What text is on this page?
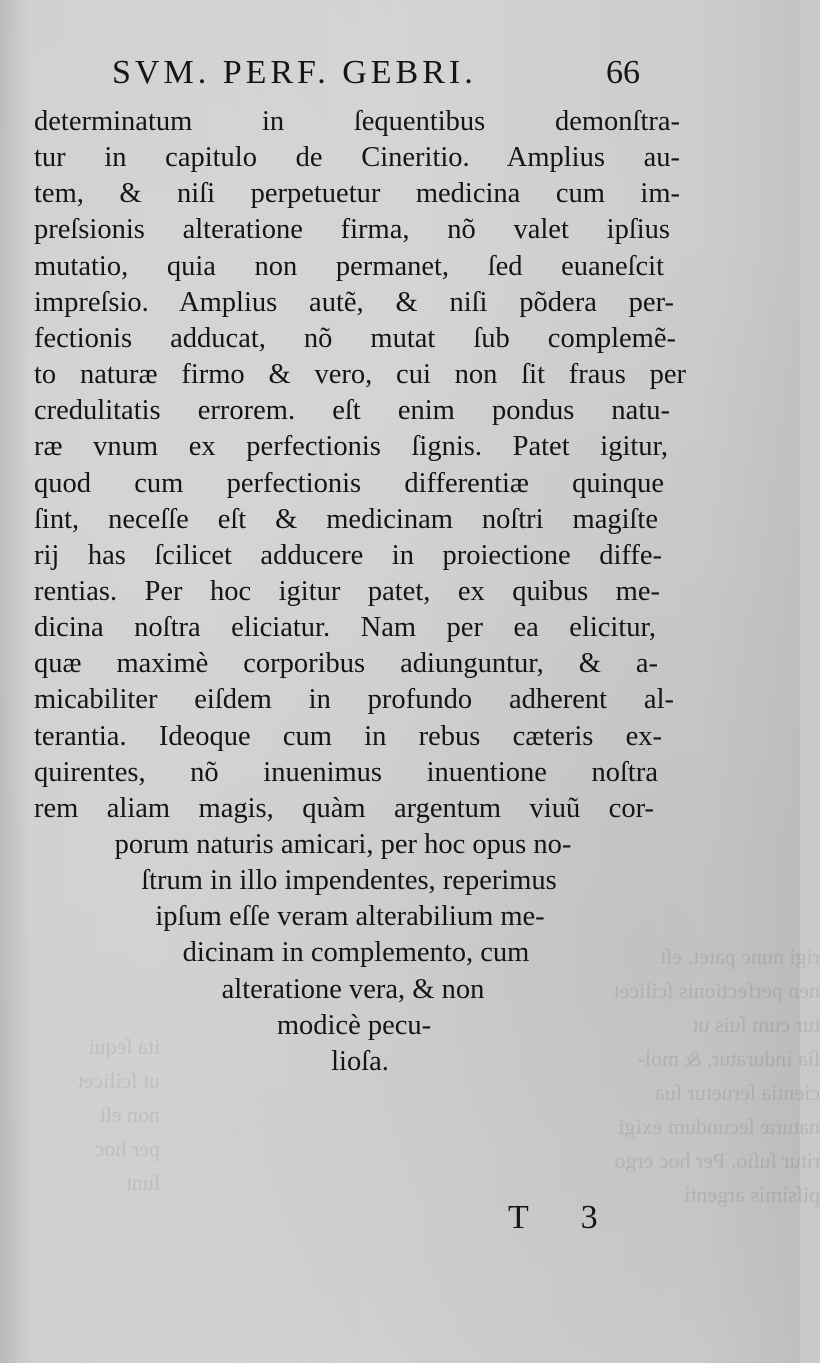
rigi nunc patet. eſt
nen perfectionis ſcilicet
tur cum ſuis ut
ſia induratur, & mol-
cientia ſeruetur ſua
naturæ ſecundum exigi
ritur ſuſio. Per hoc ergo
piſsimis argenti
ita ſequi
ut ſcilicet
non eſt
per hoc
ſunt
SVM. PERF. GEBRI.	66
determinatum in ſequentibus demonſtra-
tur in capitulo de Cineritio. Amplius au-
tem, & niſi perpetuetur medicina cum im-
preſsionis alteratione firma, nõ valet ipſius
mutatio, quia non permanet, ſed euaneſcit
impreſsio. Amplius autẽ, & niſi põdera per-
fectionis adducat, nõ mutat ſub complemẽ-
to naturæ firmo & vero, cui non ſit fraus per
credulitatis errorem. eſt enim pondus natu-
ræ vnum ex perfectionis ſignis. Patet igitur,
quod cum perfectionis differentiæ quinque
ſint, neceſſe eſt & medicinam noſtri magiſte
rij has ſcilicet adducere in proiectione diffe-
rentias. Per hoc igitur patet, ex quibus me-
dicina noſtra eliciatur. Nam per ea elicitur,
quæ maximè corporibus adiunguntur, & a-
micabiliter eiſdem in profundo adherent al-
terantia. Ideoque cum in rebus cæteris ex-
quirentes, nõ inuenimus inuentione noſtra
rem aliam magis, quàm argentum viuũ cor-
porum naturis amicari, per hoc opus no-
ſtrum in illo impendentes, reperimus
ipſum eſſe veram alterabilium me-
dicinam in complemento, cum
alteratione vera, & non
modicè pecu-
lioſa.
T 3
